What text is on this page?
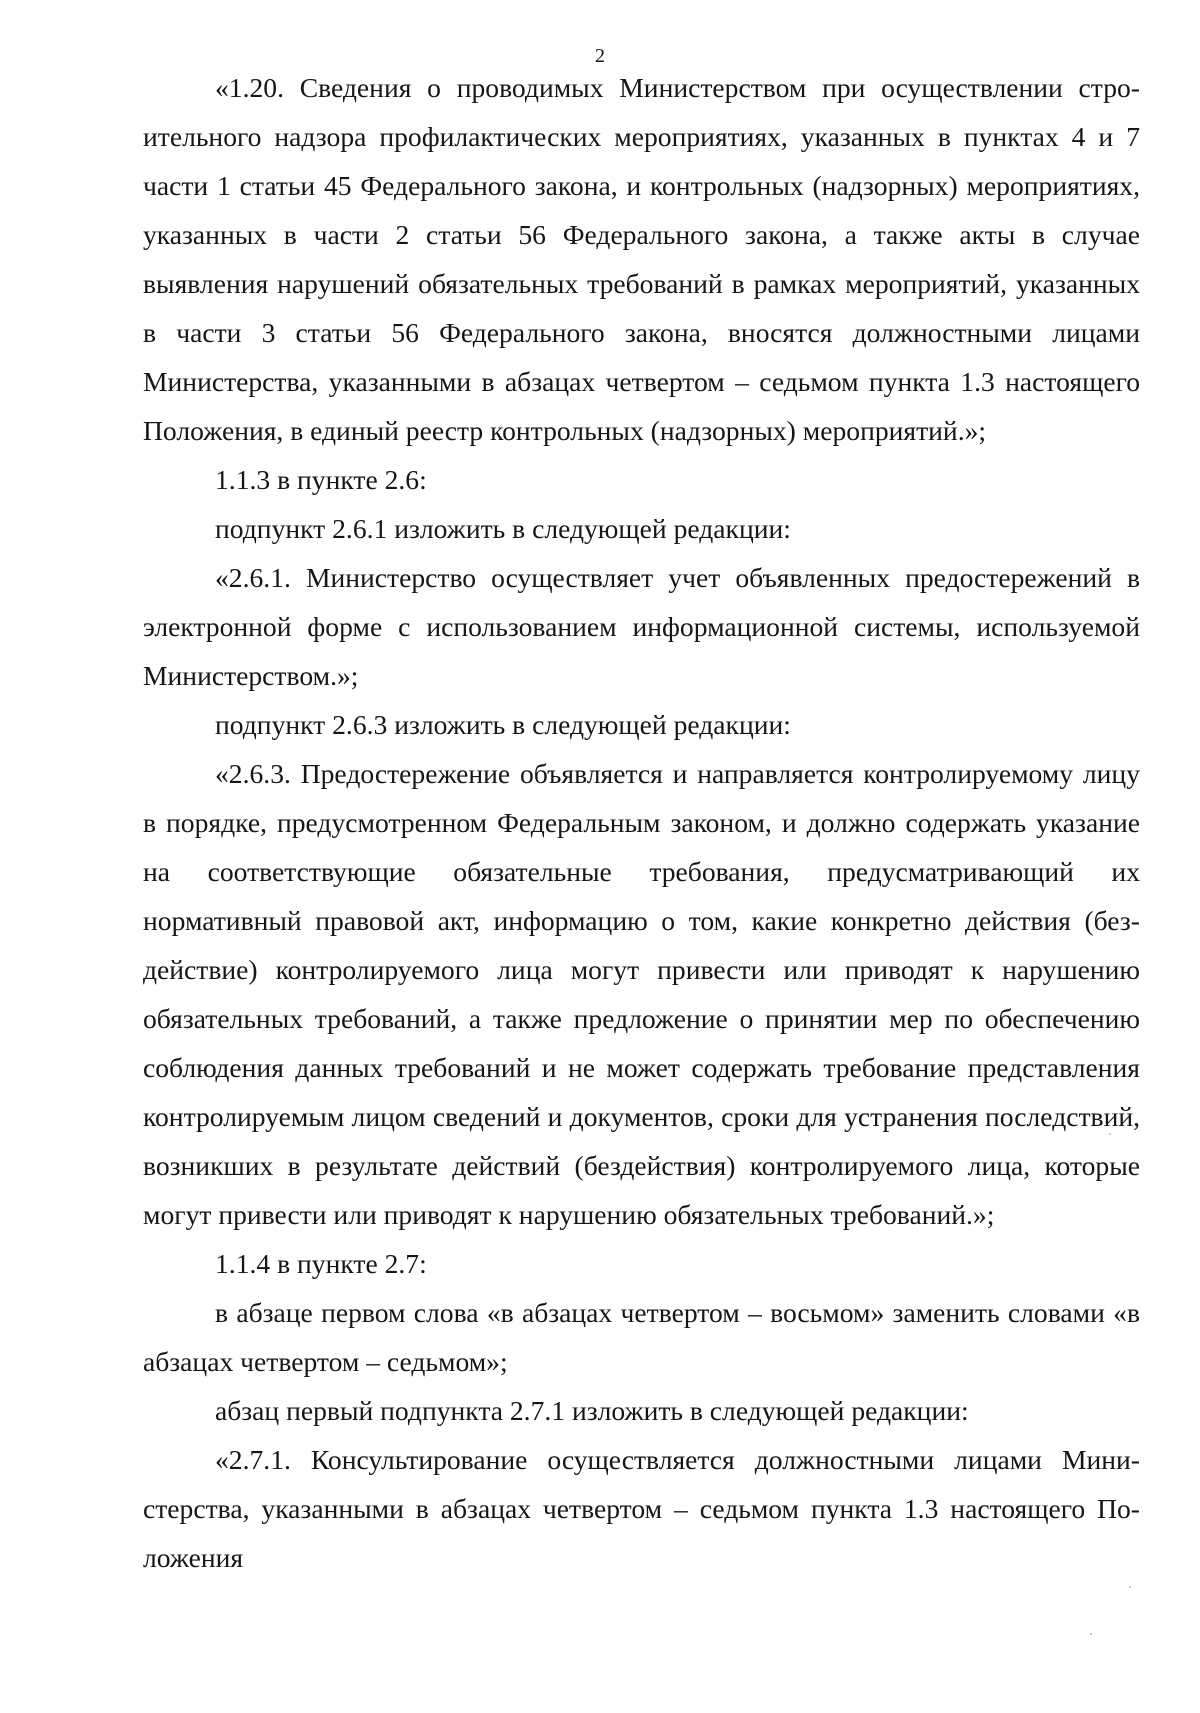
2

«1.20. Сведения о проводимых Министерством при осуществлении строительного надзора профилактических мероприятиях, указанных в пунктах 4 и 7 части 1 статьи 45 Федерального закона, и контрольных (надзорных) мероприятиях, указанных в части 2 статьи 56 Федерального закона, а также акты в случае выявления нарушений обязательных требований в рамках мероприятий, указанных в части 3 статьи 56 Федерального закона, вносятся должностными лицами Министерства, указанными в абзацах четвертом – седьмом пункта 1.3 настоящего Положения, в единый реестр контрольных (надзорных) мероприятий.»;

1.1.3 в пункте 2.6:

подпункт 2.6.1 изложить в следующей редакции:

«2.6.1. Министерство осуществляет учет объявленных предостережений в электронной форме с использованием информационной системы, используемой Министерством.»;

подпункт 2.6.3 изложить в следующей редакции:

«2.6.3. Предостережение объявляется и направляется контролируемому лицу в порядке, предусмотренном Федеральным законом, и должно содержать указание на соответствующие обязательные требования, предусматривающий их нормативный правовой акт, информацию о том, какие конкретно действия (бездействие) контролируемого лица могут привести или приводят к нарушению обязательных требований, а также предложение о принятии мер по обеспечению соблюдения данных требований и не может содержать требование представления контролируемым лицом сведений и документов, сроки для устранения последствий, возникших в результате действий (бездействия) контролируемого лица, которые могут привести или приводят к нарушению обязательных требований.»;

1.1.4 в пункте 2.7:

в абзаце первом слова «в абзацах четвертом – восьмом» заменить словами «в абзацах четвертом – седьмом»;

абзац первый подпункта 2.7.1 изложить в следующей редакции:

«2.7.1. Консультирование осуществляется должностными лицами Министерства, указанными в абзацах четвертом – седьмом пункта 1.3 настоящего Положения
